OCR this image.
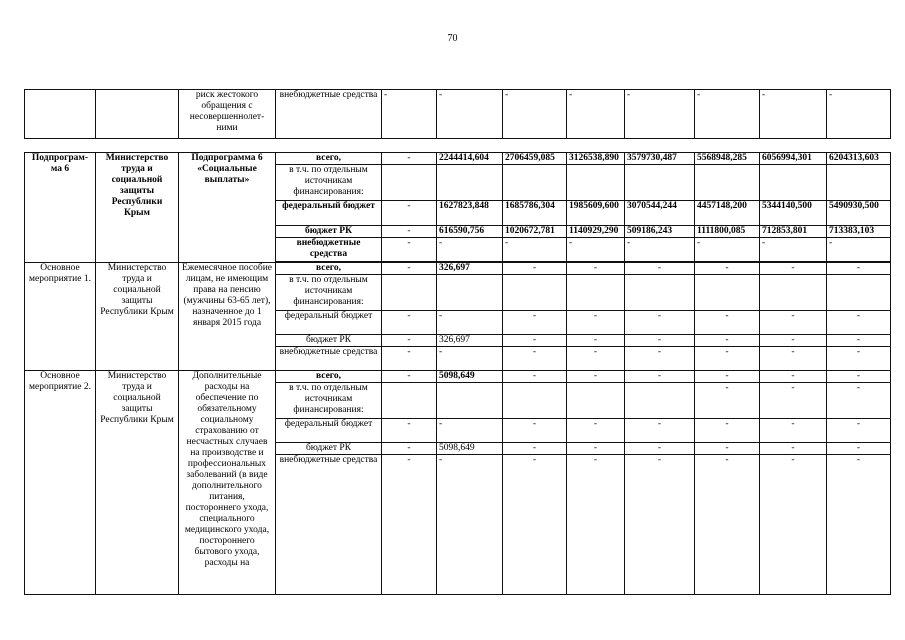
70
		риск жестокого обращения с несовершеннолет-ними	внебюджетные средства	-	-	-	-	-	-	-	-
Подпрограм-ма 6	Министерство труда и социальной защиты Республики Крым	Подпрограмма 6 «Социальные выплаты»	всего,	-	2244414,604	2706459,085	3126538,890	3579730,487	5568948,285	6056994,301	6204313,603
			в т.ч. по отдельным источникам финансирования:								
			федеральный бюджет	-	1627823,848	1685786,304	1985609,600	3070544,244	4457148,200	5344140,500	5490930,500
			бюджет РК	-	616590,756	1020672,781	1140929,290	509186,243	1111800,085	712853,801	713383,103
			внебюджетные средства	-	-	-	-	-	-	-	-

Основное мероприятие 1.	Министерство труда и социальной защиты Республики Крым	Ежемесячное пособие лицам, не имеющим права на пенсию (мужчины 63-65 лет), назначенное до 1 января 2015 года	всего,	-	326,697	-	-	-	-	-	-
			в т.ч. по отдельным источникам финансирования:								
			федеральный бюджет	-	-	-	-	-	-	-	-
			бюджет РК	-	326,697	-	-	-	-	-	-
			внебюджетные средства	-	-	-	-	-	-	-	-
Основное мероприятие 2.	Министерство труда и социальной защиты Республики Крым	Дополнительные расходы на обеспечение по обязательному социальному страхованию от несчастных случаев на производстве и профессиональных заболеваний (в виде дополнительного питания, постороннего ухода, специального медицинского ухода, постороннего бытового ухода, расходы на	всего,	-	5098,649	-	-	-	-	-	-
			в т.ч. по отдельным источникам финансирования:						-	-	-
			федеральный бюджет	-	-	-	-	-	-	-	-
			бюджет РК	-	5098,649	-	-	-	-	-	-
			внебюджетные средства	-	-	-	-	-	-	-	-
